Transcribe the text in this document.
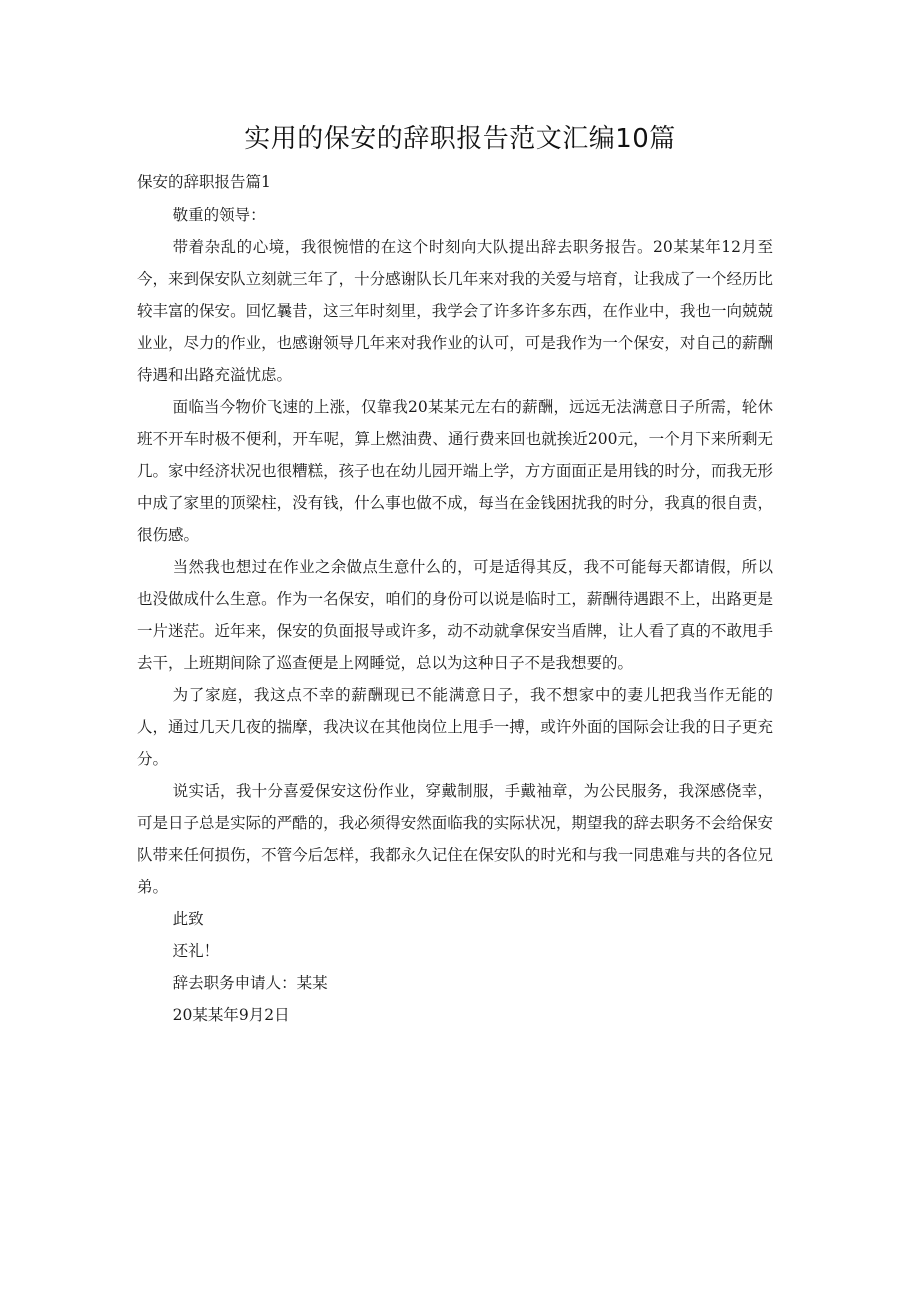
实用的保安的辞职报告范文汇编10篇
保安的辞职报告篇1

敬重的领导：

带着杂乱的心境，我很惋惜的在这个时刻向大队提出辞去职务报告。20某某年12月至今，来到保安队立刻就三年了，十分感谢队长几年来对我的关爱与培育，让我成了一个经历比较丰富的保安。回忆曩昔，这三年时刻里，我学会了许多许多东西，在作业中，我也一向兢兢业业，尽力的作业，也感谢领导几年来对我作业的认可，可是我作为一个保安，对自己的薪酬待遇和出路充溢忧虑。

面临当今物价飞速的上涨，仅靠我20某某元左右的薪酬，远远无法满意日子所需，轮休班不开车时极不便利，开车呢，算上燃油费、通行费来回也就挨近200元，一个月下来所剩无几。家中经济状况也很糟糕，孩子也在幼儿园开端上学，方方面面正是用钱的时分，而我无形中成了家里的顶梁柱，没有钱，什么事也做不成，每当在金钱困扰我的时分，我真的很自责，很伤感。

当然我也想过在作业之余做点生意什么的，可是适得其反，我不可能每天都请假，所以也没做成什么生意。作为一名保安，咱们的身份可以说是临时工，薪酬待遇跟不上，出路更是一片迷茫。近年来，保安的负面报导或许多，动不动就拿保安当盾牌，让人看了真的不敢甩手去干，上班期间除了巡查便是上网睡觉，总以为这种日子不是我想要的。

为了家庭，我这点不幸的薪酬现已不能满意日子，我不想家中的妻儿把我当作无能的人，通过几天几夜的揣摩，我决议在其他岗位上甩手一搏，或许外面的国际会让我的日子更充分。

说实话，我十分喜爱保安这份作业，穿戴制服，手戴袖章，为公民服务，我深感侥幸，可是日子总是实际的严酷的，我必须得安然面临我的实际状况，期望我的辞去职务不会给保安队带来任何损伤，不管今后怎样，我都永久记住在保安队的时光和与我一同患难与共的各位兄弟。

此致

还礼！

辞去职务申请人：某某

20某某年9月2日
